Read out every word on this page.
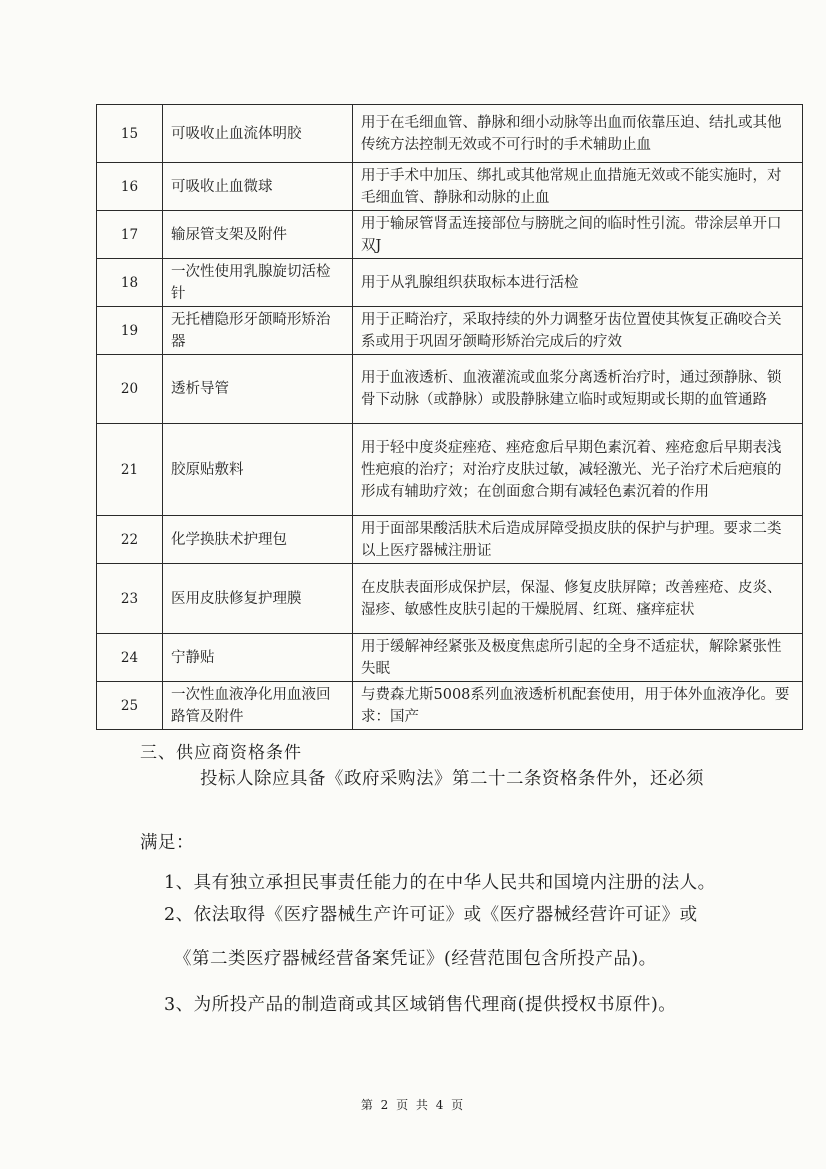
15	可吸收止血流体明胶	用于在毛细血管、静脉和细小动脉等出血而依靠压迫、结扎或其他传统方法控制无效或不可行时的手术辅助止血
16	可吸收止血微球	用于手术中加压、绑扎或其他常规止血措施无效或不能实施时，对毛细血管、静脉和动脉的止血
17	输尿管支架及附件	用于输尿管肾盂连接部位与膀胱之间的临时性引流。带涂层单开口双J
18	一次性使用乳腺旋切活检针	用于从乳腺组织获取标本进行活检
19	无托槽隐形牙颌畸形矫治器	用于正畸治疗，采取持续的外力调整牙齿位置使其恢复正确咬合关系或用于巩固牙颌畸形矫治完成后的疗效
20	透析导管	用于血液透析、血液灌流或血浆分离透析治疗时，通过颈静脉、锁骨下动脉（或静脉）或股静脉建立临时或短期或长期的血管通路
21	胶原贴敷料	用于轻中度炎症痤疮、痤疮愈后早期色素沉着、痤疮愈后早期表浅性疤痕的治疗；对治疗皮肤过敏，减轻激光、光子治疗术后疤痕的形成有辅助疗效；在创面愈合期有减轻色素沉着的作用
22	化学换肤术护理包	用于面部果酸活肤术后造成屏障受损皮肤的保护与护理。要求二类以上医疗器械注册证
23	医用皮肤修复护理膜	在皮肤表面形成保护层，保湿、修复皮肤屏障；改善痤疮、皮炎、湿疹、敏感性皮肤引起的干燥脱屑、红斑、瘙痒症状
24	宁静贴	用于缓解神经紧张及极度焦虑所引起的全身不适症状，解除紧张性失眠
25	一次性血液净化用血液回路管及附件	与费森尤斯5008系列血液透析机配套使用，用于体外血液净化。要求：国产
三、供应商资格条件
投标人除应具备《政府采购法》第二十二条资格条件外，还必须
满足：
1、具有独立承担民事责任能力的在中华人民共和国境内注册的法人。
2、依法取得《医疗器械生产许可证》或《医疗器械经营许可证》或
《第二类医疗器械经营备案凭证》(经营范围包含所投产品)。
3、为所投产品的制造商或其区域销售代理商(提供授权书原件)。
第 2 页 共 4 页
